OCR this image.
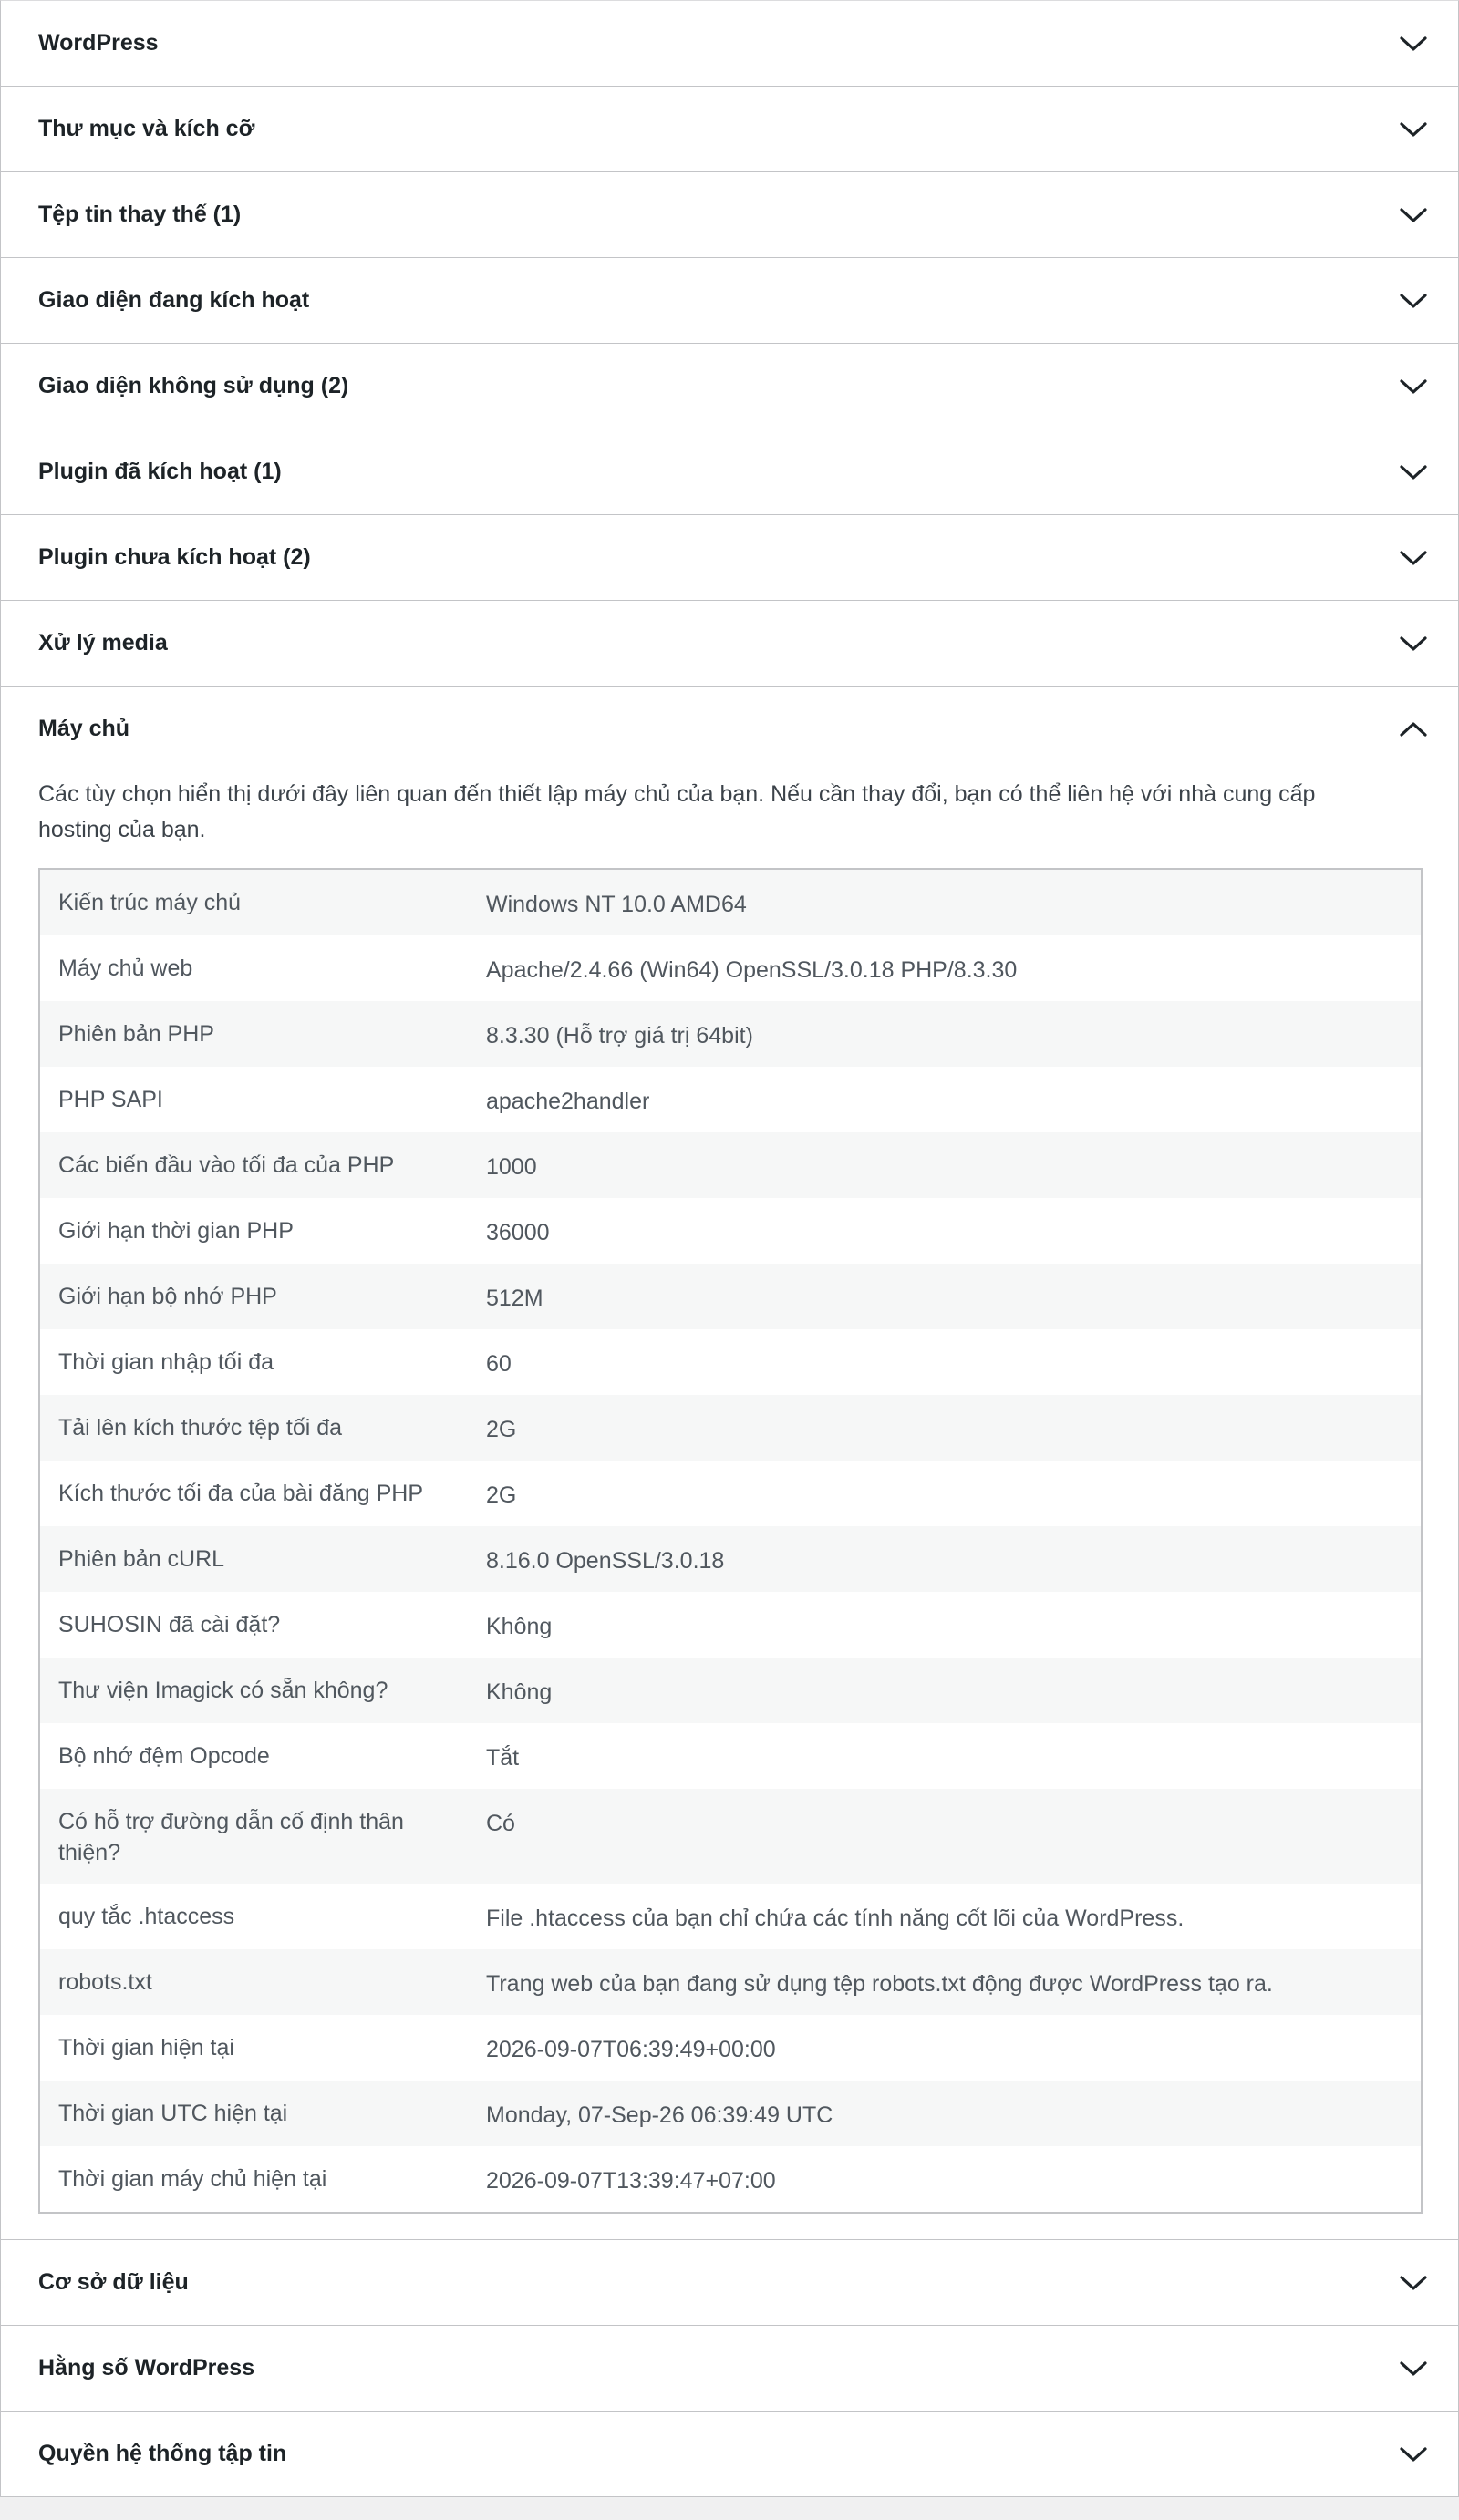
WordPress
Thư mục và kích cỡ
Tệp tin thay thế (1)
Giao diện đang kích hoạt
Giao diện không sử dụng (2)
Plugin đã kích hoạt (1)
Plugin chưa kích hoạt (2)
Xử lý media
Máy chủ

Các tùy chọn hiển thị dưới đây liên quan đến thiết lập máy chủ của bạn. Nếu cần thay đổi, bạn có thể liên hệ với nhà cung cấp hosting của bạn.

Kiến trúc máy chủ	Windows NT 10.0 AMD64
Máy chủ web	Apache/2.4.66 (Win64) OpenSSL/3.0.18 PHP/8.3.30
Phiên bản PHP	8.3.30 (Hỗ trợ giá trị 64bit)
PHP SAPI	apache2handler
Các biến đầu vào tối đa của PHP	1000
Giới hạn thời gian PHP	36000
Giới hạn bộ nhớ PHP	512M
Thời gian nhập tối đa	60
Tải lên kích thước tệp tối đa	2G
Kích thước tối đa của bài đăng PHP	2G
Phiên bản cURL	8.16.0 OpenSSL/3.0.18
SUHOSIN đã cài đặt?	Không
Thư viện Imagick có sẵn không?	Không
Bộ nhớ đệm Opcode	Tắt
Có hỗ trợ đường dẫn cố định thân thiện?	Có
quy tắc .htaccess	File .htaccess của bạn chỉ chứa các tính năng cốt lõi của WordPress.
robots.txt	Trang web của bạn đang sử dụng tệp robots.txt động được WordPress tạo ra.
Thời gian hiện tại	2026-09-07T06:39:49+00:00
Thời gian UTC hiện tại	Monday, 07-Sep-26 06:39:49 UTC
Thời gian máy chủ hiện tại	2026-09-07T13:39:47+07:00
Cơ sở dữ liệu
Hằng số WordPress
Quyền hệ thống tập tin
